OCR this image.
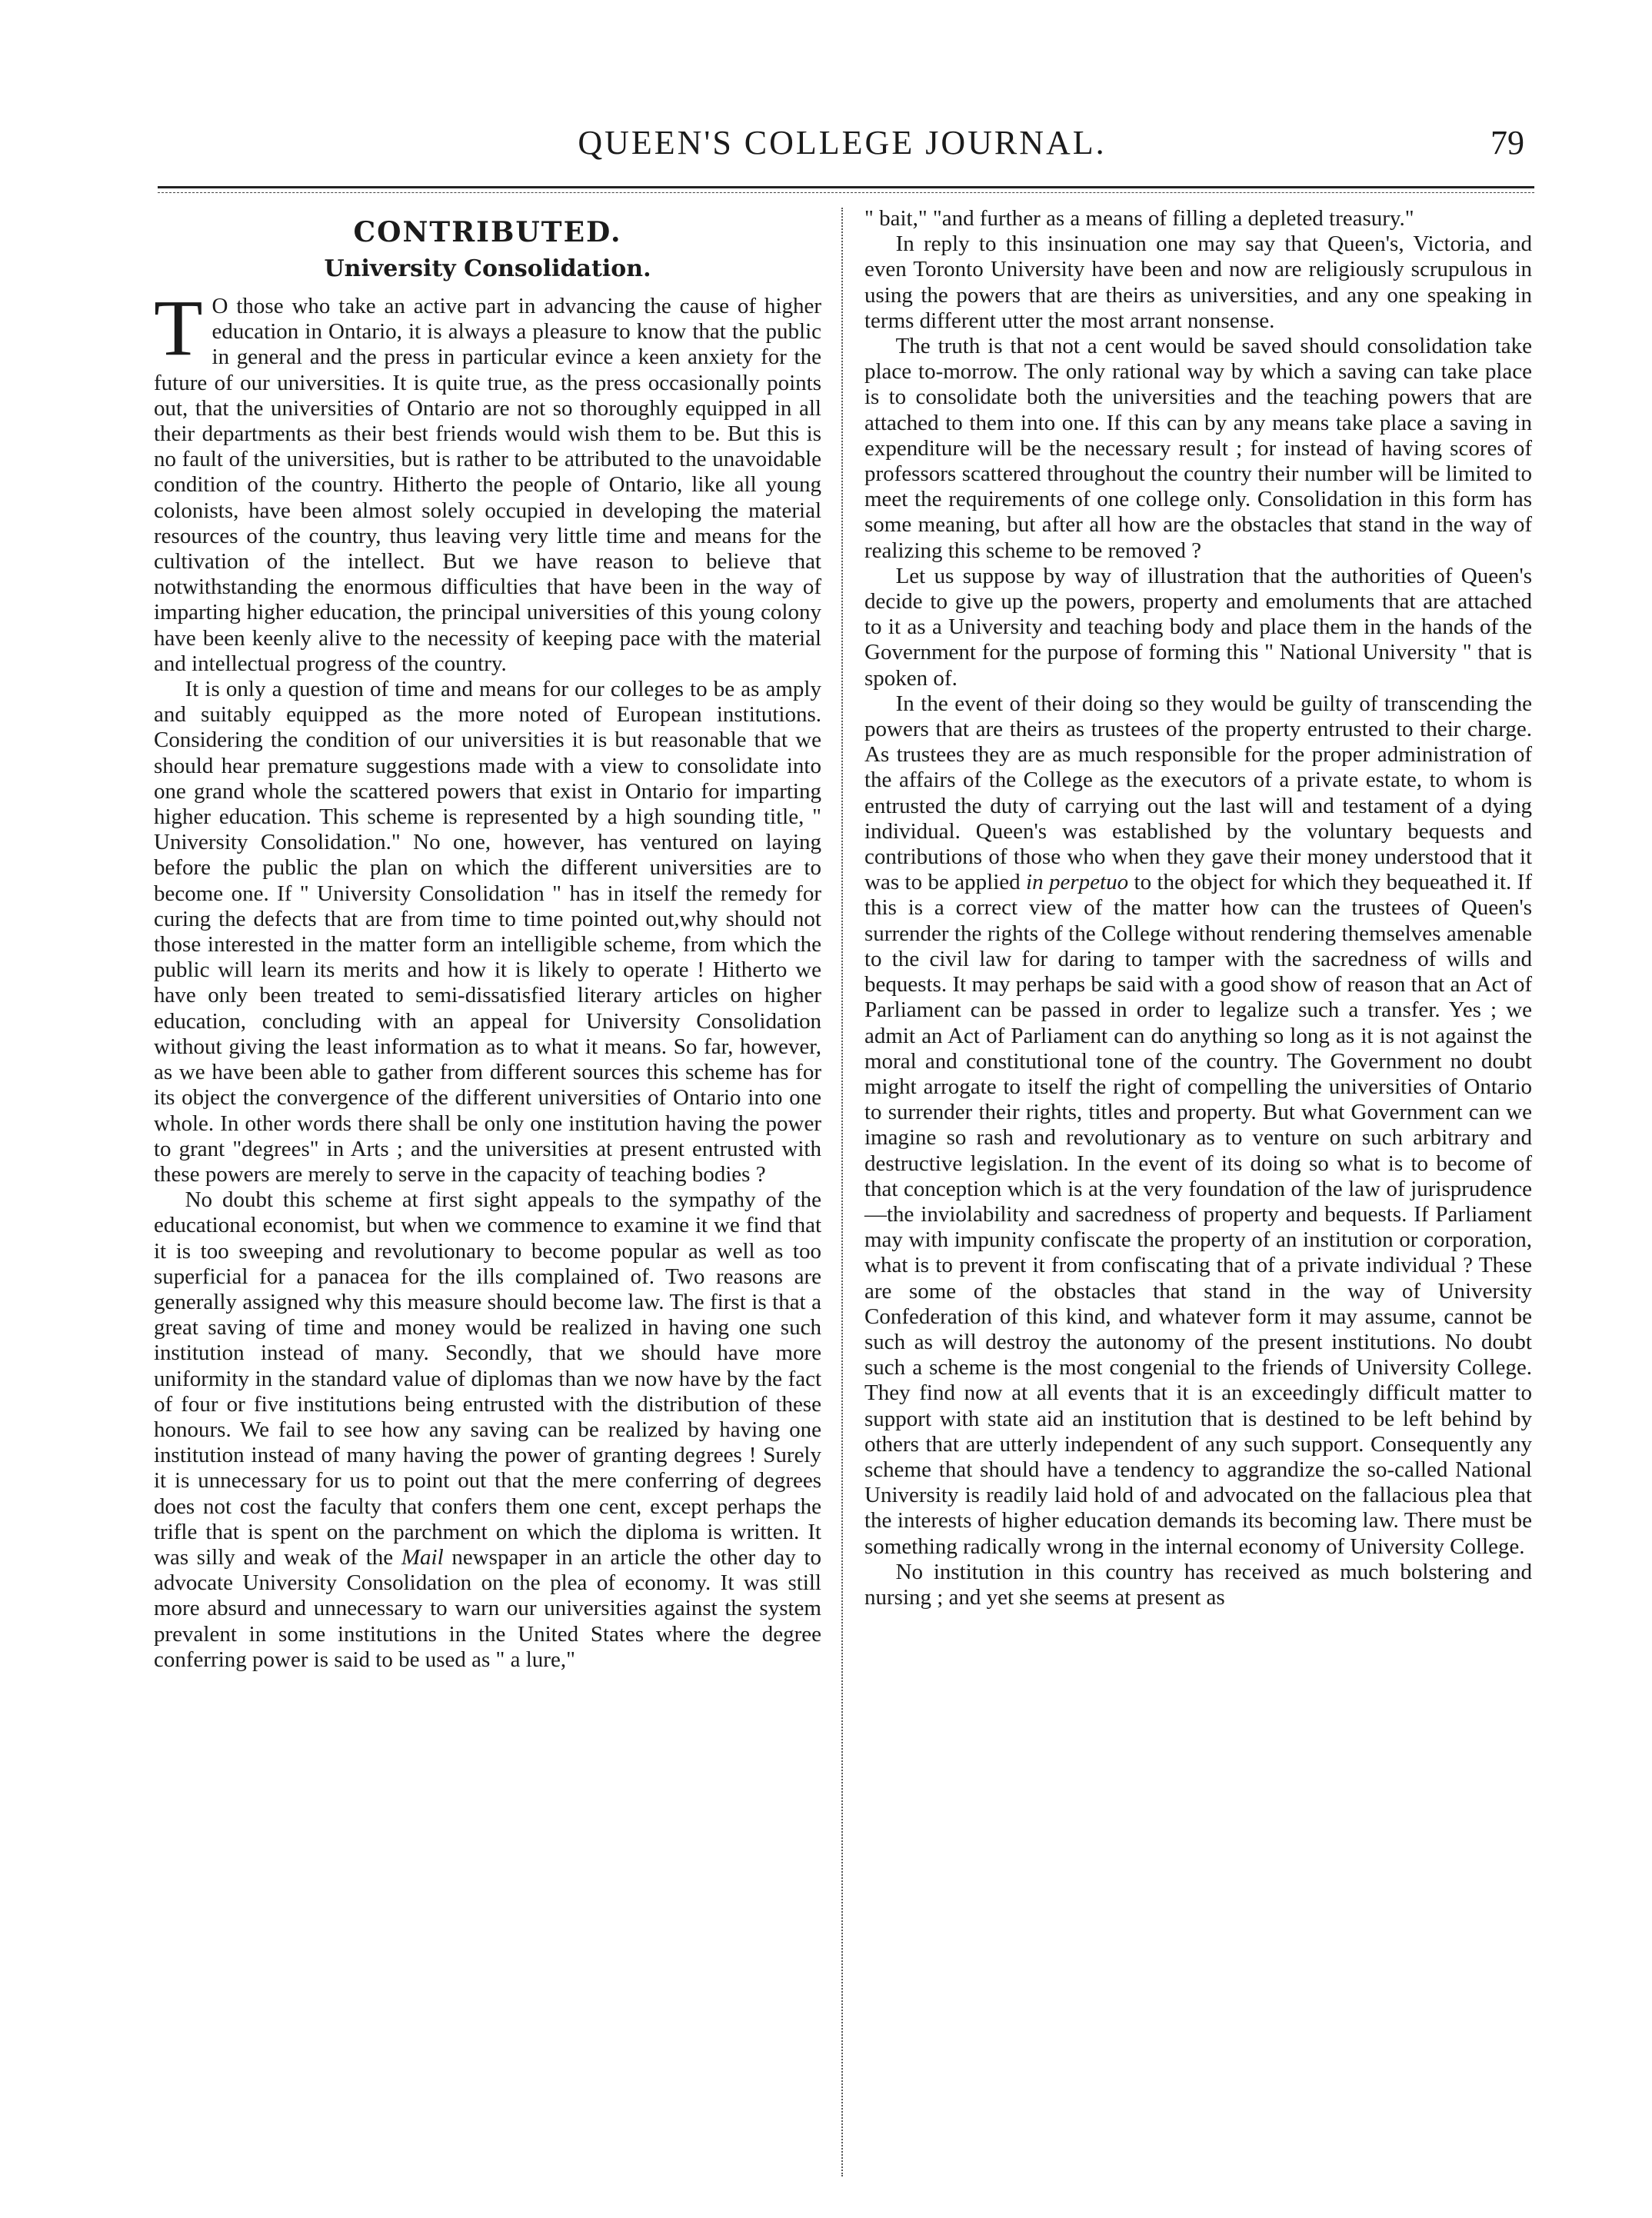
QUEEN'S COLLEGE JOURNAL.	79
CONTRIBUTED.
University Consolidation.

T O those who take an active part in advancing the cause of higher education in Ontario, it is always a pleasure to know that the public in general and the press in particular evince a keen anxiety for the future of our universities. It is quite true, as the press occasionally points out, that the universities of Ontario are not so thoroughly equipped in all their departments as their best friends would wish them to be. But this is no fault of the universities, but is rather to be attributed to the unavoidable condition of the country. Hitherto the people of Ontario, like all young colonists, have been almost solely occupied in developing the material resources of the country, thus leaving very little time and means for the cultivation of the intellect. But we have reason to believe that notwithstanding the enormous difficulties that have been in the way of imparting higher education, the principal universities of this young colony have been keenly alive to the necessity of keeping pace with the material and intellectual progress of the country.

It is only a question of time and means for our colleges to be as amply and suitably equipped as the more noted of European institutions. Considering the condition of our universities it is but reasonable that we should hear premature suggestions made with a view to consolidate into one grand whole the scattered powers that exist in Ontario for imparting higher education. This scheme is represented by a high sounding title, " University Consolidation." No one, however, has ventured on laying before the public the plan on which the different universities are to become one. If " University Consolidation " has in itself the remedy for curing the defects that are from time to time pointed out,why should not those interested in the matter form an intelligible scheme, from which the public will learn its merits and how it is likely to operate ! Hitherto we have only been treated to semi-dissatisfied literary articles on higher education, concluding with an appeal for University Consolidation without giving the least information as to what it means. So far, however, as we have been able to gather from different sources this scheme has for its object the convergence of the different universities of Ontario into one whole. In other words there shall be only one institution having the power to grant "degrees" in Arts ; and the universities at present entrusted with these powers are merely to serve in the capacity of teaching bodies ?

No doubt this scheme at first sight appeals to the sympathy of the educational economist, but when we commence to examine it we find that it is too sweeping and revolutionary to become popular as well as too superficial for a panacea for the ills complained of. Two reasons are generally assigned why this measure should become law. The first is that a great saving of time and money would be realized in having one such institution instead of many. Secondly, that we should have more uniformity in the standard value of diplomas than we now have by the fact of four or five institutions being entrusted with the distribution of these honours. We fail to see how any saving can be realized by having one institution instead of many having the power of granting degrees ! Surely it is unnecessary for us to point out that the mere conferring of degrees does not cost the faculty that confers them one cent, except perhaps the trifle that is spent on the parchment on which the diploma is written. It was silly and weak of the Mail newspaper in an article the other day to advocate University Consolidation on the plea of economy. It was still more absurd and unnecessary to warn our universities against the system prevalent in some institutions in the United States where the degree conferring power is said to be used as " a lure,"

" bait," "and further as a means of filling a depleted treasury."

In reply to this insinuation one may say that Queen's, Victoria, and even Toronto University have been and now are religiously scrupulous in using the powers that are theirs as universities, and any one speaking in terms different utter the most arrant nonsense.

The truth is that not a cent would be saved should consolidation take place to-morrow. The only rational way by which a saving can take place is to consolidate both the universities and the teaching powers that are attached to them into one. If this can by any means take place a saving in expenditure will be the necessary result ; for instead of having scores of professors scattered throughout the country their number will be limited to meet the requirements of one college only. Consolidation in this form has some meaning, but after all how are the obstacles that stand in the way of realizing this scheme to be removed ?

Let us suppose by way of illustration that the authorities of Queen's decide to give up the powers, property and emoluments that are attached to it as a University and teaching body and place them in the hands of the Government for the purpose of forming this " National University " that is spoken of.

In the event of their doing so they would be guilty of transcending the powers that are theirs as trustees of the property entrusted to their charge. As trustees they are as much responsible for the proper administration of the affairs of the College as the executors of a private estate, to whom is entrusted the duty of carrying out the last will and testament of a dying individual. Queen's was established by the voluntary bequests and contributions of those who when they gave their money understood that it was to be applied in perpetuo to the object for which they bequeathed it. If this is a correct view of the matter how can the trustees of Queen's surrender the rights of the College without rendering themselves amenable to the civil law for daring to tamper with the sacredness of wills and bequests. It may perhaps be said with a good show of reason that an Act of Parliament can be passed in order to legalize such a transfer. Yes ; we admit an Act of Parliament can do anything so long as it is not against the moral and constitutional tone of the country. The Government no doubt might arrogate to itself the right of compelling the universities of Ontario to surrender their rights, titles and property. But what Government can we imagine so rash and revolutionary as to venture on such arbitrary and destructive legislation. In the event of its doing so what is to become of that conception which is at the very foundation of the law of jurisprudence—the inviolability and sacredness of property and bequests. If Parliament may with impunity confiscate the property of an institution or corporation, what is to prevent it from confiscating that of a private individual ? These are some of the obstacles that stand in the way of University Confederation of this kind, and whatever form it may assume, cannot be such as will destroy the autonomy of the present institutions. No doubt such a scheme is the most congenial to the friends of University College. They find now at all events that it is an exceedingly difficult matter to support with state aid an institution that is destined to be left behind by others that are utterly independent of any such support. Consequently any scheme that should have a tendency to aggrandize the so-called National University is readily laid hold of and advocated on the fallacious plea that the interests of higher education demands its becoming law. There must be something radically wrong in the internal economy of University College.

No institution in this country has received as much bolstering and nursing ; and yet she seems at present as
